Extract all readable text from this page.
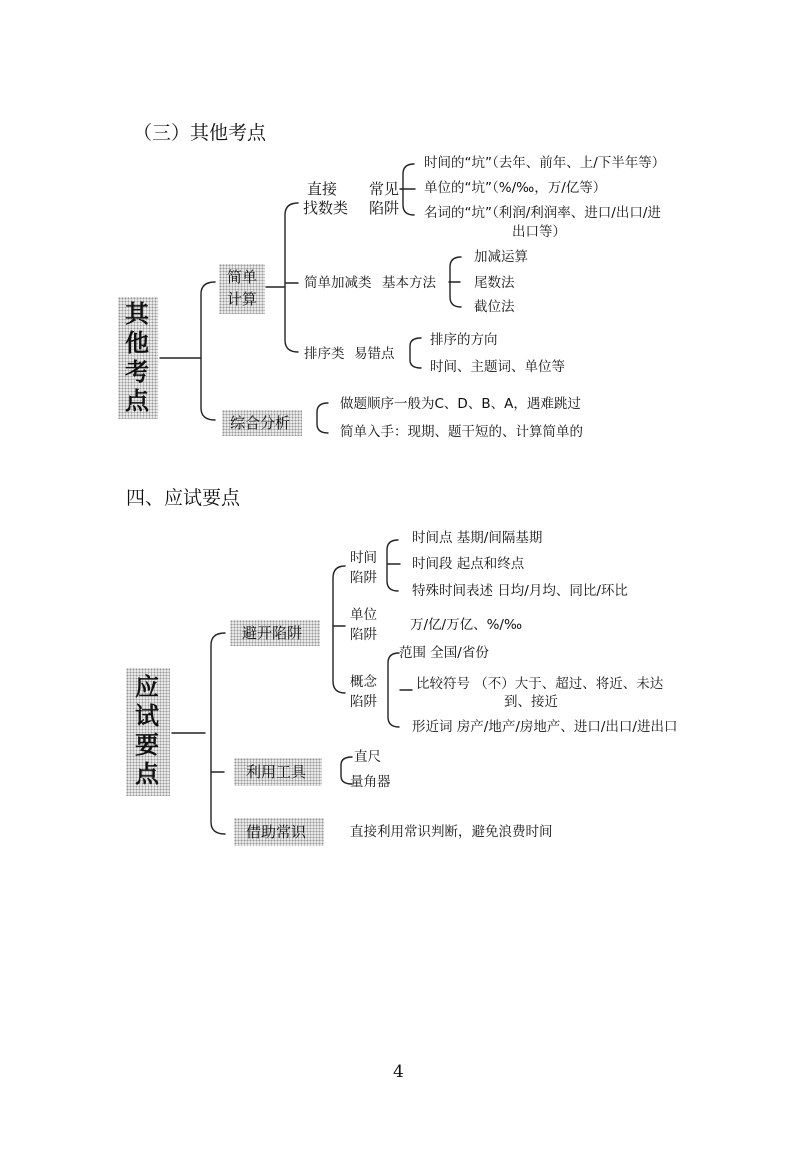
（三）其他考点
其
他
考
点
简单
计算
直接
找数类
常见
陷阱
时间的“坑”（去年、前年、上/下半年等）
单位的“坑”（%/‰，万/亿等）
名词的“坑”（利润/利润率、进口/出口/进
出口等）
简单加减类 基本方法
加减运算
尾数法
截位法
排序类 易错点
排序的方向
时间、主题词、单位等
综合分析
做题顺序一般为C、D、B、A，遇难跳过
简单入手：现期、题干短的、计算简单的
四、应试要点
应
试
要
点
避开陷阱
时间
陷阱
时间点 基期/间隔基期
时间段 起点和终点
特殊时间表述 日均/月均、同比/环比
单位
陷阱
万/亿/万亿、%/‰
概念
陷阱
范围 全国/省份
比较符号 （不）大于、超过、将近、未达
到、接近
形近词 房产/地产/房地产、进口/出口/进出口
利用工具
直尺
量角器
借助常识	直接利用常识判断，避免浪费时间
4
